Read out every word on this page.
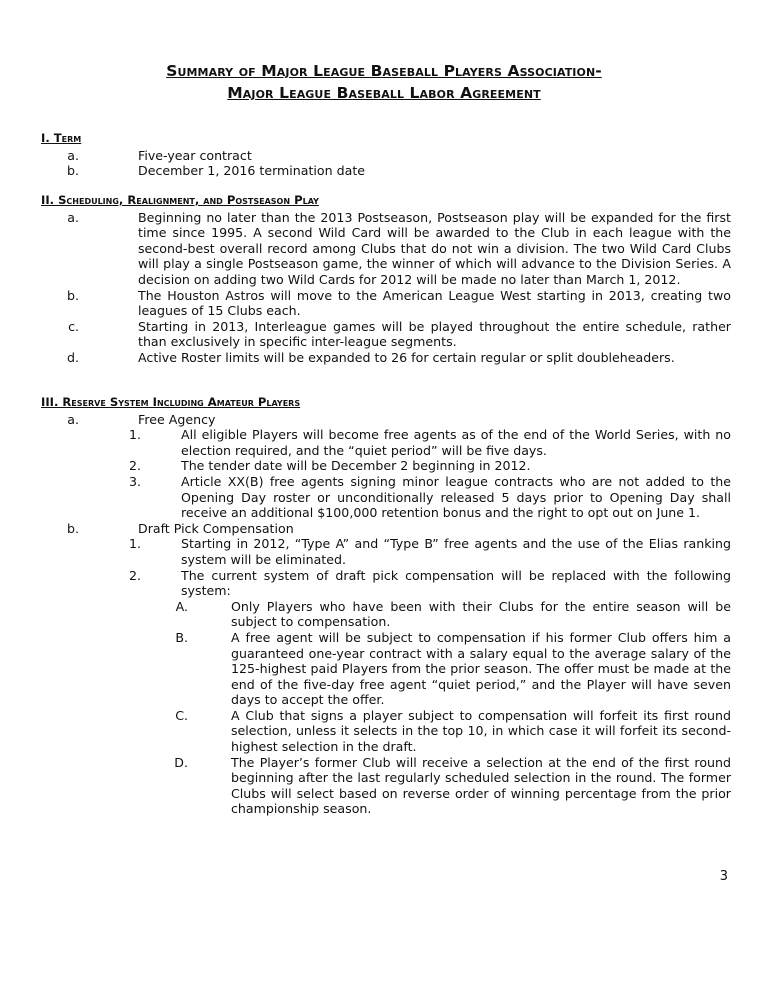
Summary of Major League Baseball Players Association-
Major League Baseball Labor Agreement
I. Term
a.	Five-year contract
b.	December 1, 2016 termination date
II. Scheduling, Realignment, and Postseason Play
a.	Beginning no later than the 2013 Postseason, Postseason play will be expanded for the first time since 1995. A second Wild Card will be awarded to the Club in each league with the second-best overall record among Clubs that do not win a division. The two Wild Card Clubs will play a single Postseason game, the winner of which will advance to the Division Series. A decision on adding two Wild Cards for 2012 will be made no later than March 1, 2012.
b.	The Houston Astros will move to the American League West starting in 2013, creating two leagues of 15 Clubs each.
c.	Starting in 2013, Interleague games will be played throughout the entire schedule, rather than exclusively in specific inter-league segments.
d.	Active Roster limits will be expanded to 26 for certain regular or split doubleheaders.
III. Reserve System Including Amateur Players
a.	Free Agency
1.	All eligible Players will become free agents as of the end of the World Series, with no election required, and the “quiet period” will be five days.
2.	The tender date will be December 2 beginning in 2012.
3.	Article XX(B) free agents signing minor league contracts who are not added to the Opening Day roster or unconditionally released 5 days prior to Opening Day shall receive an additional $100,000 retention bonus and the right to opt out on June 1.
b.	Draft Pick Compensation
1.	Starting in 2012, “Type A” and “Type B” free agents and the use of the Elias ranking system will be eliminated.
2.	The current system of draft pick compensation will be replaced with the following system:
A.	Only Players who have been with their Clubs for the entire season will be subject to compensation.
B.	A free agent will be subject to compensation if his former Club offers him a guaranteed one-year contract with a salary equal to the average salary of the 125-highest paid Players from the prior season. The offer must be made at the end of the five-day free agent “quiet period,” and the Player will have seven days to accept the offer.
C.	A Club that signs a player subject to compensation will forfeit its first round selection, unless it selects in the top 10, in which case it will forfeit its second-highest selection in the draft.
D.	The Player’s former Club will receive a selection at the end of the first round beginning after the last regularly scheduled selection in the round. The former Clubs will select based on reverse order of winning percentage from the prior championship season.
3
